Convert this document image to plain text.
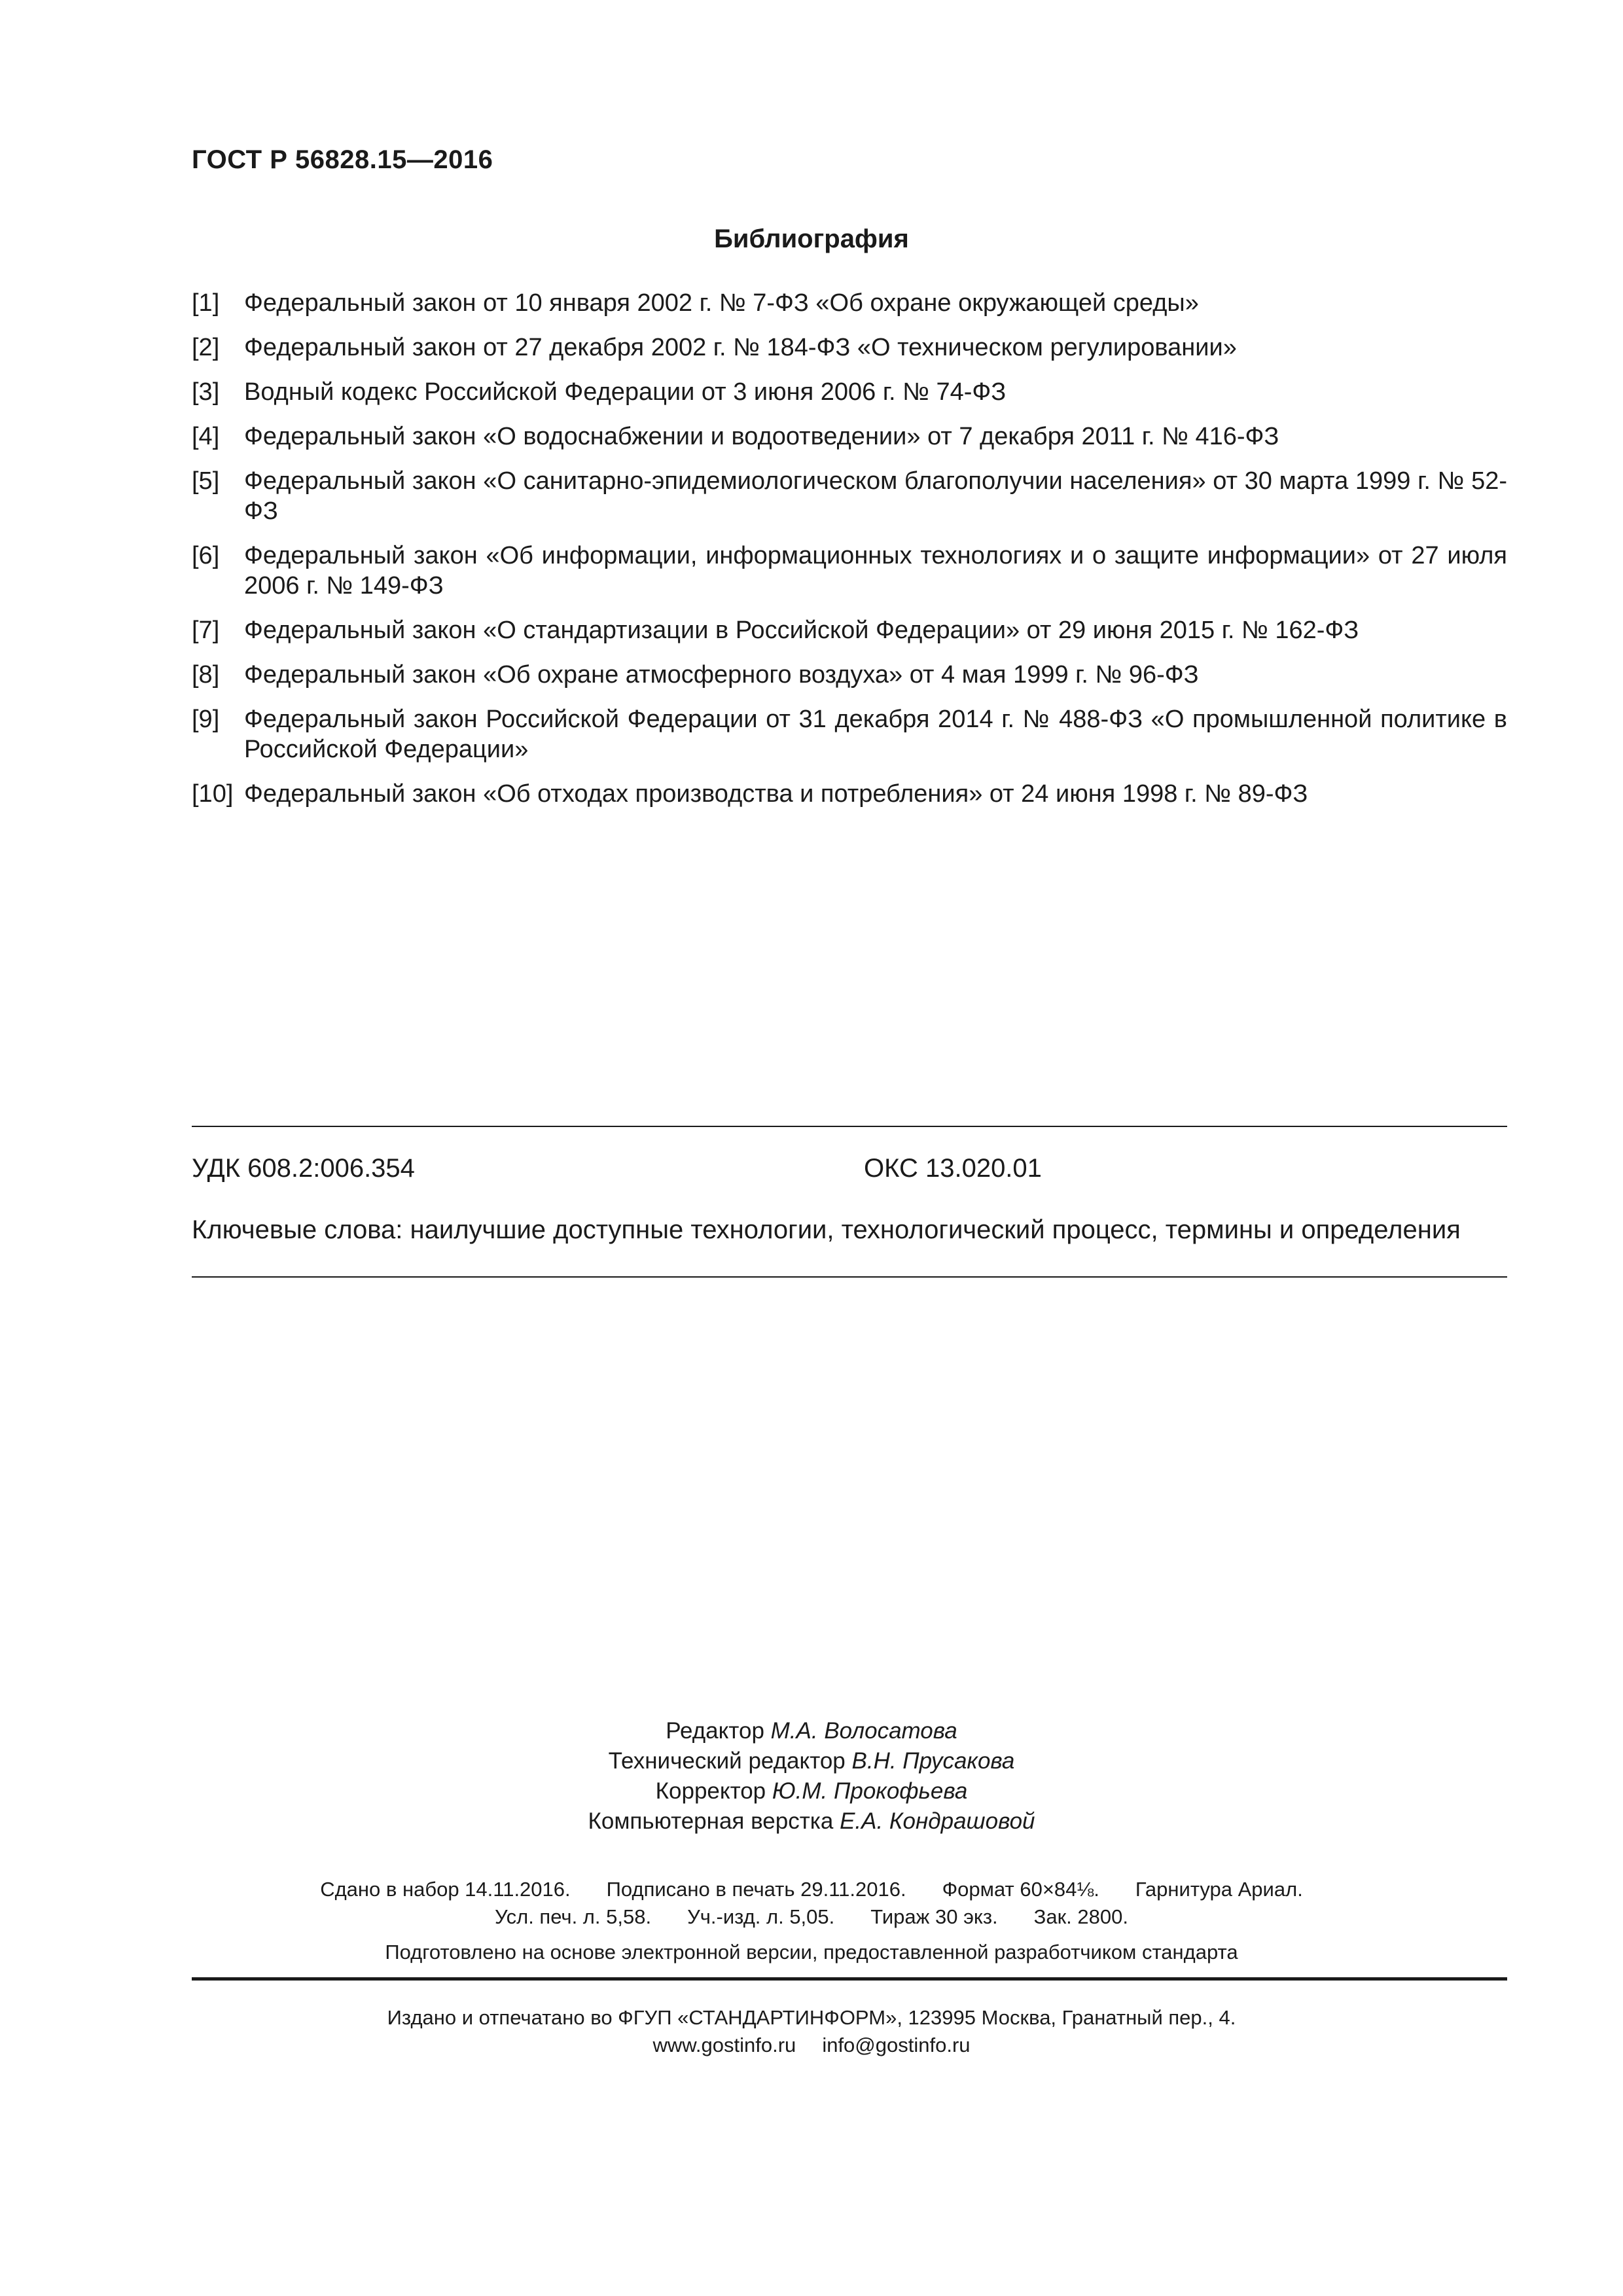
ГОСТ Р 56828.15—2016
Библиография
[1] Федеральный закон от 10 января 2002 г. № 7-ФЗ «Об охране окружающей среды»
[2] Федеральный закон от 27 декабря 2002 г. № 184-ФЗ «О техническом регулировании»
[3] Водный кодекс Российской Федерации от 3 июня 2006 г. № 74-ФЗ
[4] Федеральный закон «О водоснабжении и водоотведении» от 7 декабря 2011 г. № 416-ФЗ
[5] Федеральный закон «О санитарно-эпидемиологическом благополучии населения» от 30 марта 1999 г. № 52-ФЗ
[6] Федеральный закон «Об информации, информационных технологиях и о защите информации» от 27 июля 2006 г. № 149-ФЗ
[7] Федеральный закон «О стандартизации в Российской Федерации» от 29 июня 2015 г. № 162-ФЗ
[8] Федеральный закон «Об охране атмосферного воздуха» от 4 мая 1999 г. № 96-ФЗ
[9] Федеральный закон Российской Федерации от 31 декабря 2014 г. № 488-ФЗ «О промышленной политике в Российской Федерации»
[10] Федеральный закон «Об отходах производства и потребления» от 24 июня 1998 г. № 89-ФЗ
УДК 608.2:006.354	ОКС 13.020.01
Ключевые слова: наилучшие доступные технологии, технологический процесс, термины и определения
Редактор М.А. Волосатова
Технический редактор В.Н. Прусакова
Корректор Ю.М. Прокофьева
Компьютерная верстка Е.А. Кондрашовой
Сдано в набор 14.11.2016. Подписано в печать 29.11.2016. Формат 60×84⅛. Гарнитура Ариал.
Усл. печ. л. 5,58. Уч.-изд. л. 5,05. Тираж 30 экз. Зак. 2800.
Подготовлено на основе электронной версии, предоставленной разработчиком стандарта
Издано и отпечатано во ФГУП «СТАНДАРТИНФОРМ», 123995 Москва, Гранатный пер., 4.
www.gostinfo.ru info@gostinfo.ru
